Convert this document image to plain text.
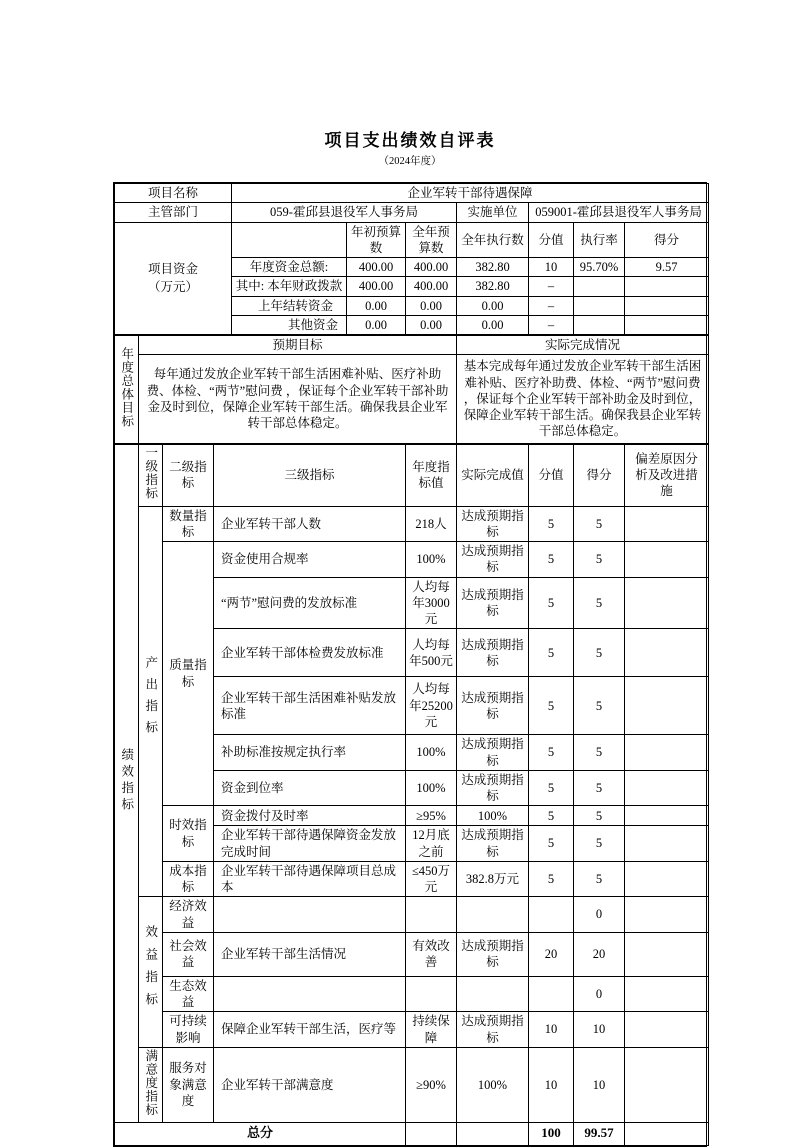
项目支出绩效自评表
（2024年度）
项目名称	企业军转干部待遇保障						
主管部门	059-霍邱县退役军人事务局			实施单位	059001-霍邱县退役军人事务局		

项目资金
（万元）		年初预算数	全年预算数	全年执行数	分值	执行率	得分
	年度资金总额:	400.00	400.00	382.80	10	95.70%	9.57
	其中: 本年财政拨款	400.00	400.00	382.80	–		
	上年结转资金	0.00	0.00	0.00	–		
	其他资金	0.00	0.00	0.00	–		
年度总体目标	预期目标	实际完成情况
	每年通过发放企业军转干部生活困难补贴、医疗补助费、体检、“两节”慰问费 ，保证每个企业军转干部补助金及时到位，保障企业军转干部生活。确保我县企业军转干部总体稳定。	基本完成每年通过发放企业军转干部生活困难补贴、医疗补助费、体检、“两节”慰问费 ，保证每个企业军转干部补助金及时到位，保障企业军转干部生活。确保我县企业军转干部总体稳定。
绩效指标	一级指标	二级指标	三级指标	年度指标值	实际完成值	分值	得分	偏差原因分析及改进措施
	产出指标	数量指标	企业军转干部人数	218人	达成预期指标	5	5	
		质量指标	资金使用合规率	100%	达成预期指标	5	5	
			“两节”慰问费的发放标准	人均每年3000元	达成预期指标	5	5	
			企业军转干部体检费发放标准	人均每年500元	达成预期指标	5	5	
			企业军转干部生活困难补贴发放标准	人均每年25200元	达成预期指标	5	5	
			补助标准按规定执行率	100%	达成预期指标	5	5	
			资金到位率	100%	达成预期指标	5	5	
		时效指标	资金拨付及时率	≥95%	100%	5	5	
			企业军转干部待遇保障资金发放完成时间	12月底之前	达成预期指标	5	5	
		成本指标	企业军转干部待遇保障项目总成本	≤450万元	382.8万元	5	5	
	效益指标	经济效益					0	
		社会效益	企业军转干部生活情况	有效改善	达成预期指标	20	20	
		生态效益					0	
		可持续影响	保障企业军转干部生活，医疗等	持续保障	达成预期指标	10	10	
	满意度指标	服务对象满意度	企业军转干部满意度	≥90%	100%	10	10	
总分						100	99.57	
